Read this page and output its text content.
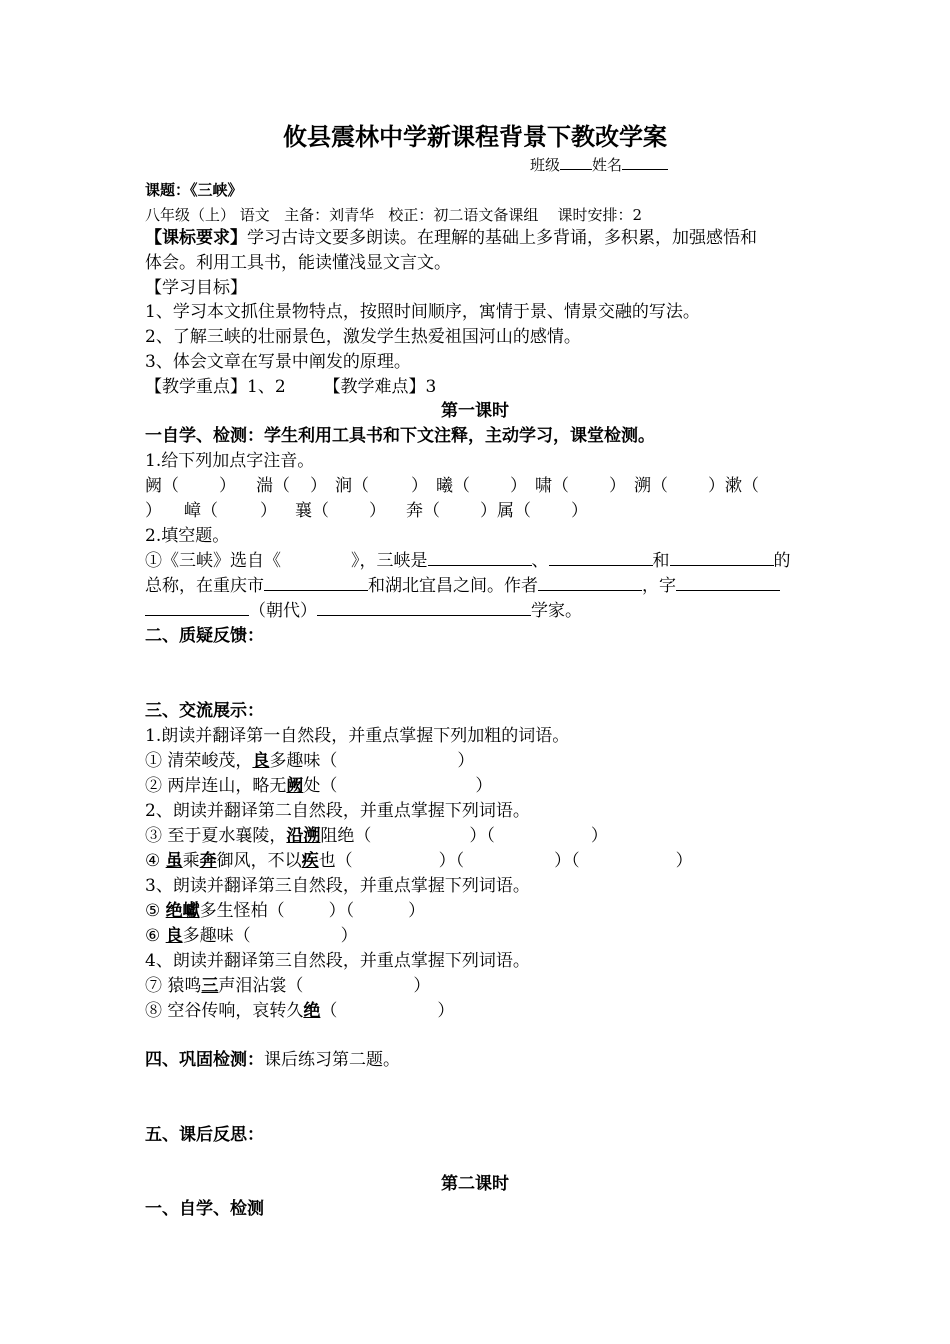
攸县震林中学新课程背景下教改学案
班级 姓名
课题：《三峡》
八年级（上） 语文   主备：刘青华   校正：初二语文备课组    课时安排：2
【课标要求】学习古诗文要多朗读。在理解的基础上多背诵，多积累，加强感悟和
体会。利用工具书，能读懂浅显文言文。
【学习目标】
1、学习本文抓住景物特点，按照时间顺序，寓情于景、情景交融的写法。
2、了解三峡的壮丽景色，激发学生热爱祖国河山的感情。
3、体会文章在写景中阐发的原理。
【教学重点】1、2       【教学难点】3
第一课时
一自学、检测：学生利用工具书和下文注释，主动学习，课堂检测。
1.给下列加点字注音。
阙（ ） 湍（ ） 涧（ ） 曦（ ） 啸（ ） 溯（ ）漱（
） 嶂（ ） 襄（ ） 奔（ ）属（ ）
2.填空题。
①《三峡》选自《	》，三峡是	、	和	的
总称，在重庆市	和湖北宜昌之间。作者	，字
（朝代）	学家。
二、质疑反馈：
三、交流展示：
1.朗读并翻译第一自然段，并重点掌握下列加粗的词语。
① 清荣峻茂，良多趣味（	）
② 两岸连山，略无阙处（	）
2、朗读并翻译第二自然段，并重点掌握下列词语。
③ 至于夏水襄陵，沿溯阻绝（	）（	）
④ 虽乘奔御风，不以疾也（	）（	）（	）
3、朗读并翻译第三自然段，并重点掌握下列词语。
⑤ 绝巘多生怪柏（	）（	）
⑥ 良多趣味（	）
4、朗读并翻译第三自然段，并重点掌握下列词语。
⑦ 猿鸣三声泪沾裳（	）
⑧ 空谷传响，哀转久绝（	）
四、巩固检测：课后练习第二题。
五、课后反思：
第二课时
一、自学、检测
